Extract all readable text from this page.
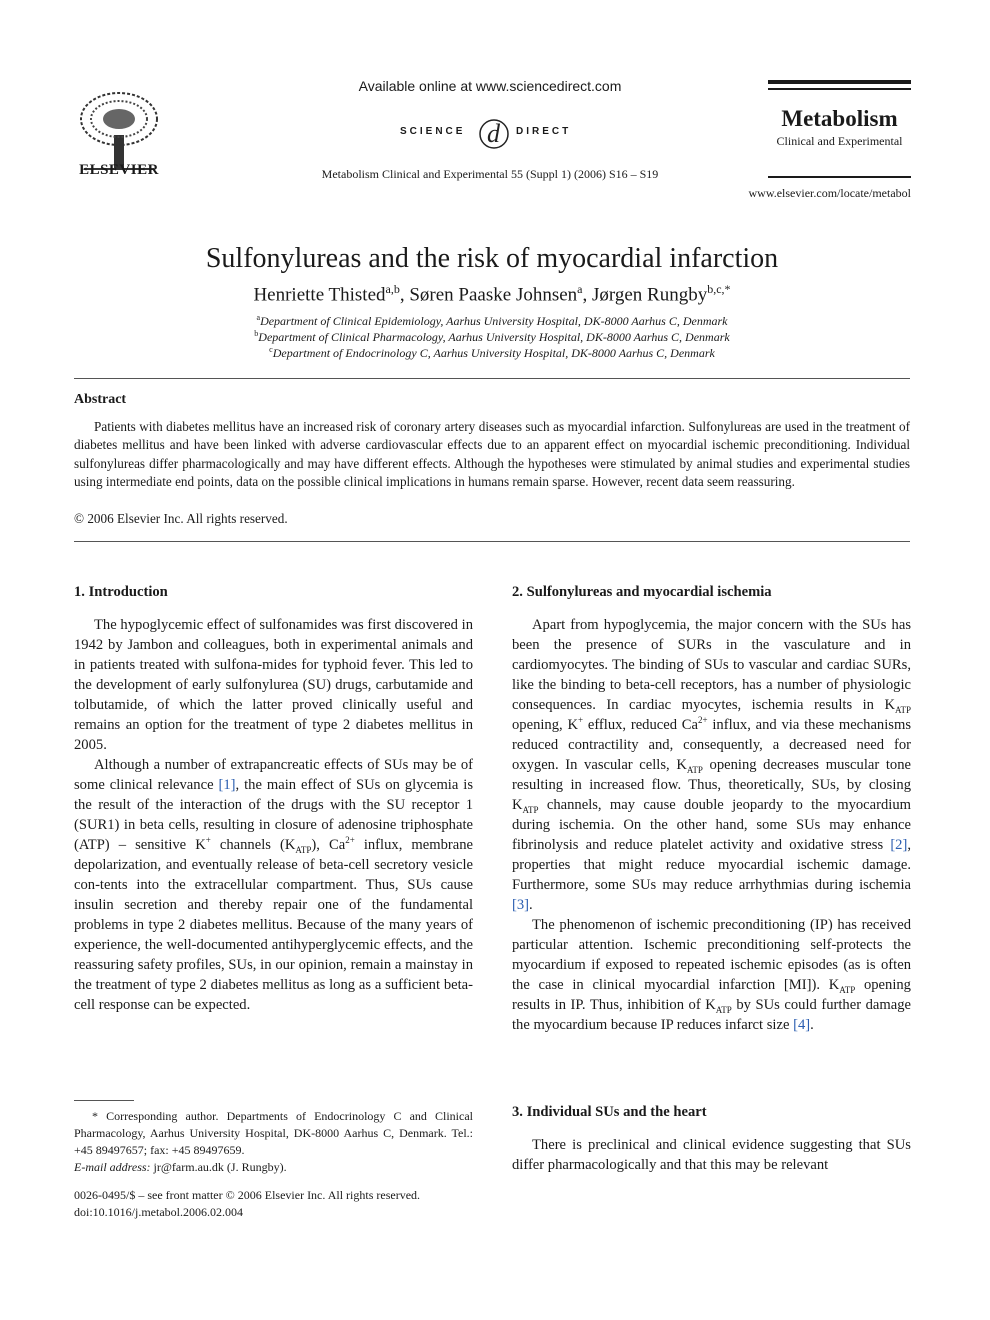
ELSEVIER
Available online at www.sciencedirect.com
SCIENCE d DIRECT
Metabolism Clinical and Experimental 55 (Suppl 1) (2006) S16 – S19
Metabolism
Clinical and Experimental
www.elsevier.com/locate/metabol
Sulfonylureas and the risk of myocardial infarction
Henriette Thisted$^{a,b}$, Søren Paaske Johnsen$^a$, Jørgen Rungby$^{b,c,*}$
$^a$Department of Clinical Epidemiology, Aarhus University Hospital, DK-8000 Aarhus C, Denmark
$^b$Department of Clinical Pharmacology, Aarhus University Hospital, DK-8000 Aarhus C, Denmark
$^c$Department of Endocrinology C, Aarhus University Hospital, DK-8000 Aarhus C, Denmark
Abstract
Patients with diabetes mellitus have an increased risk of coronary artery diseases such as myocardial infarction. Sulfonylureas are used in the treatment of diabetes mellitus and have been linked with adverse cardiovascular effects due to an apparent effect on myocardial ischemic preconditioning. Individual sulfonylureas differ pharmacologically and may have different effects. Although the hypotheses were stimulated by animal studies and experimental studies using intermediate end points, data on the possible clinical implications in humans remain sparse. However, recent data seem reassuring.
© 2006 Elsevier Inc. All rights reserved.
1. Introduction

The hypoglycemic effect of sulfonamides was first discovered in 1942 by Jambon and colleagues, both in experimental animals and in patients treated with sulfona-mides for typhoid fever. This led to the development of early sulfonylurea (SU) drugs, carbutamide and tolbutamide, of which the latter proved clinically useful and remains an option for the treatment of type 2 diabetes mellitus in 2005.

Although a number of extrapancreatic effects of SUs may be of some clinical relevance [1], the main effect of SUs on glycemia is the result of the interaction of the drugs with the SU receptor 1 (SUR1) in beta cells, resulting in closure of adenosine triphosphate (ATP) – sensitive K+ channels $(K_{ATP})$, $Ca^{2+}$ influx, membrane depolarization, and eventually release of beta-cell secretory vesicle con-tents into the extracellular compartment. Thus, SUs cause insulin secretion and thereby repair one of the fundamental problems in type 2 diabetes mellitus. Because of the many years of experience, the well-documented antihyperglycemic effects, and the reassuring safety profiles, SUs, in our opinion, remain a mainstay in the treatment of type 2 diabetes mellitus as long as a sufficient beta-cell response can be expected.

* Corresponding author. Departments of Endocrinology C and Clinical Pharmacology, Aarhus University Hospital, DK-8000 Aarhus C, Denmark. Tel.: +45 89497657; fax: +45 89497659.
E-mail address: jr@farm.au.dk (J. Rungby).
0026-0495/$ – see front matter © 2006 Elsevier Inc. All rights reserved.
doi:10.1016/j.metabol.2006.02.004
2. Sulfonylureas and myocardial ischemia

Apart from hypoglycemia, the major concern with the SUs has been the presence of SURs in the vasculature and in cardiomyocytes. The binding of SUs to vascular and cardiac SURs, like the binding to beta-cell receptors, has a number of physiologic consequences. In cardiac myocytes, ischemia results in $K_{ATP}$ opening, K+ efflux, reduced $Ca^{2+}$ influx, and via these mechanisms reduced contractility and, consequently, a decreased need for oxygen. In vascular cells, $K_{ATP}$ opening decreases muscular tone resulting in increased flow. Thus, theoretically, SUs, by closing $K_{ATP}$ channels, may cause double jeopardy to the myocardium during ischemia. On the other hand, some SUs may enhance fibrinolysis and reduce platelet activity and oxidative stress [2], properties that might reduce myocardial ischemic damage. Furthermore, some SUs may reduce arrhythmias during ischemia [3].

The phenomenon of ischemic preconditioning (IP) has received particular attention. Ischemic preconditioning self-protects the myocardium if exposed to repeated ischemic episodes (as is often the case in clinical myocardial infarction [MI]). $K_{ATP}$ opening results in IP. Thus, inhibition of $K_{ATP}$ by SUs could further damage the myocardium because IP reduces infarct size [4].

3. Individual SUs and the heart

There is preclinical and clinical evidence suggesting that SUs differ pharmacologically and that this may be relevant
